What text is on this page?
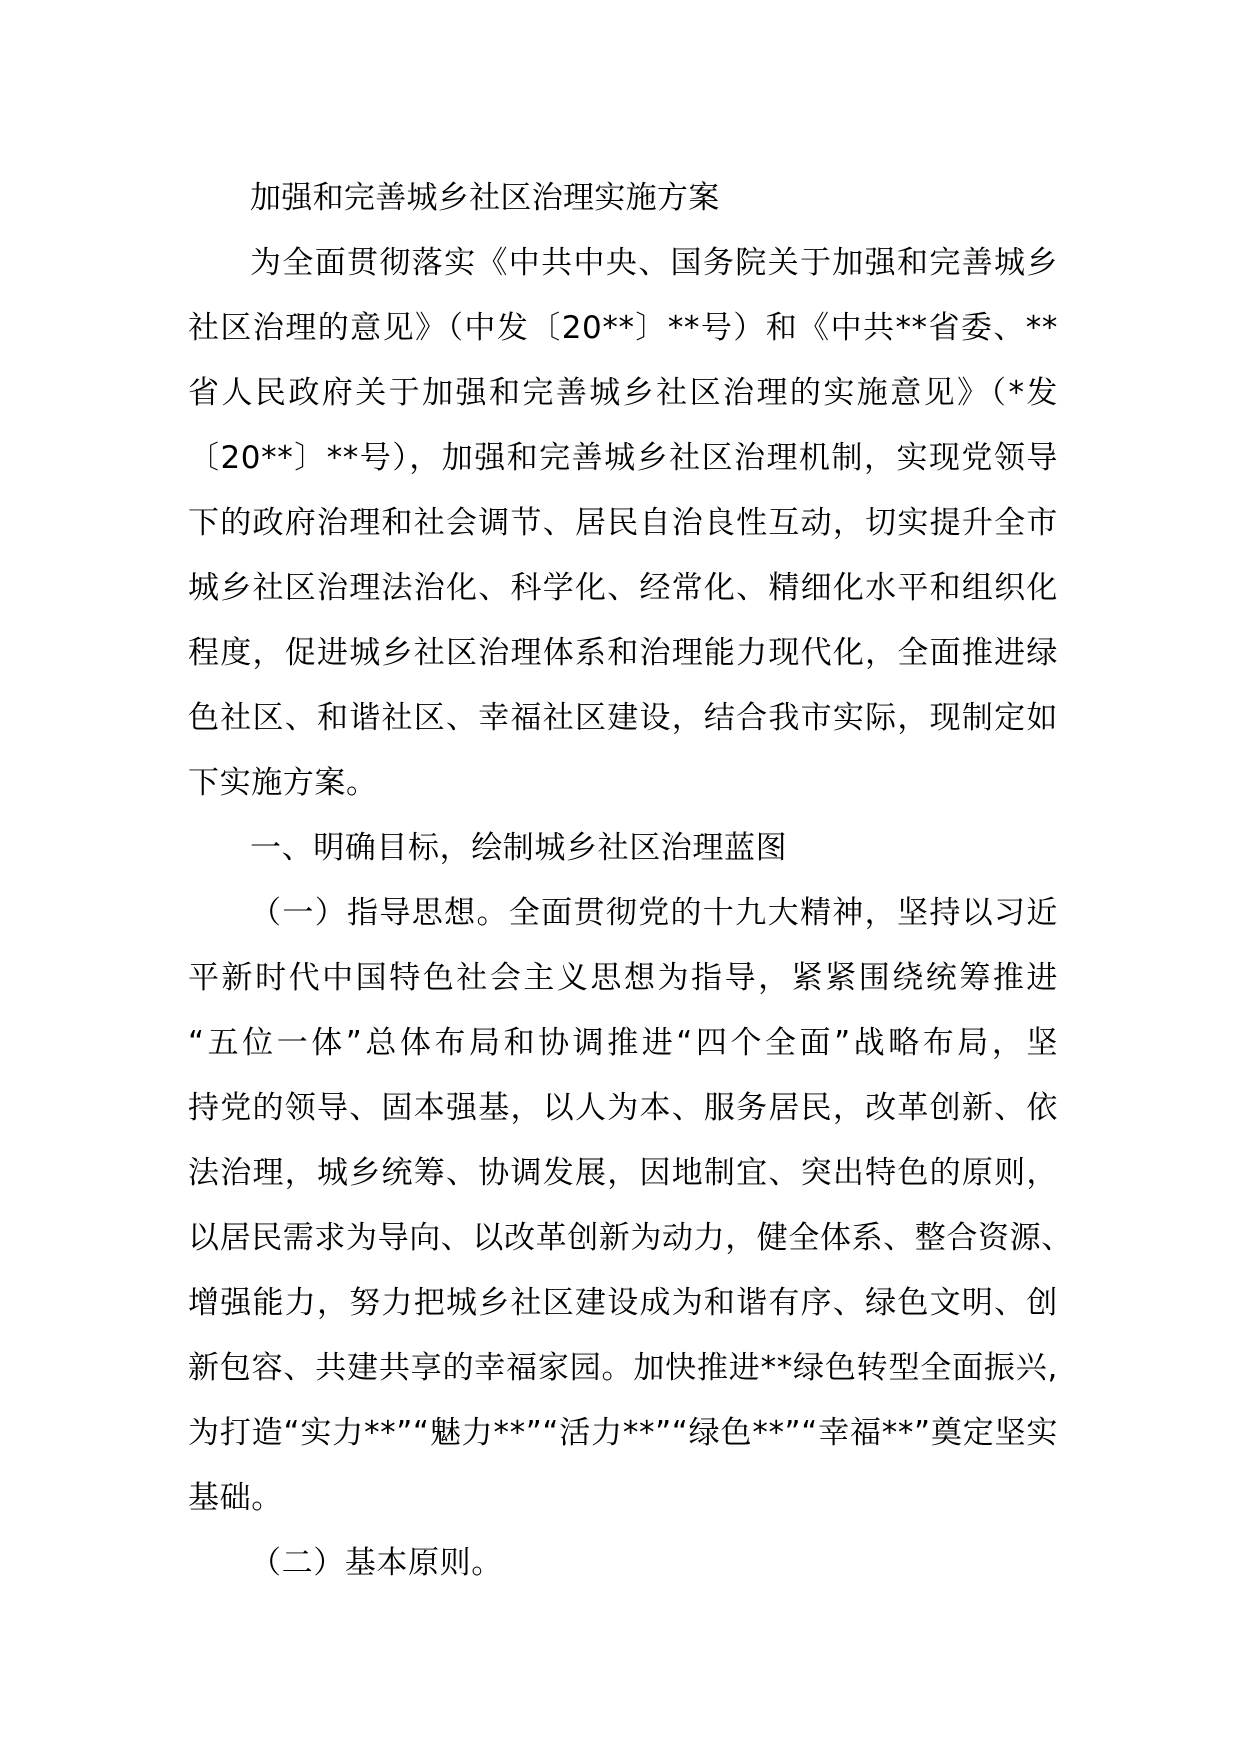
加强和完善城乡社区治理实施方案
为全面贯彻落实《中共中央、国务院关于加强和完善城乡
社区治理的意见》（中发〔20**〕**号）和《中共**省委、**
省人民政府关于加强和完善城乡社区治理的实施意见》（*发
〔20**〕**号），加强和完善城乡社区治理机制，实现党领导
下的政府治理和社会调节、居民自治良性互动，切实提升全市
城乡社区治理法治化、科学化、经常化、精细化水平和组织化
程度，促进城乡社区治理体系和治理能力现代化，全面推进绿
色社区、和谐社区、幸福社区建设，结合我市实际，现制定如
下实施方案。
一、明确目标，绘制城乡社区治理蓝图
（一）指导思想。全面贯彻党的十九大精神，坚持以习近
平新时代中国特色社会主义思想为指导，紧紧围绕统筹推进
“五位一体”总体布局和协调推进“四个全面”战略布局，坚
持党的领导、固本强基，以人为本、服务居民，改革创新、依
法治理，城乡统筹、协调发展，因地制宜、突出特色的原则，
以居民需求为导向、以改革创新为动力，健全体系、整合资源、
增强能力，努力把城乡社区建设成为和谐有序、绿色文明、创
新包容、共建共享的幸福家园。加快推进**绿色转型全面振兴,
为打造“实力**”“魅力**”“活力**”“绿色**”“幸福**”奠定坚实
基础。
（二）基本原则。
